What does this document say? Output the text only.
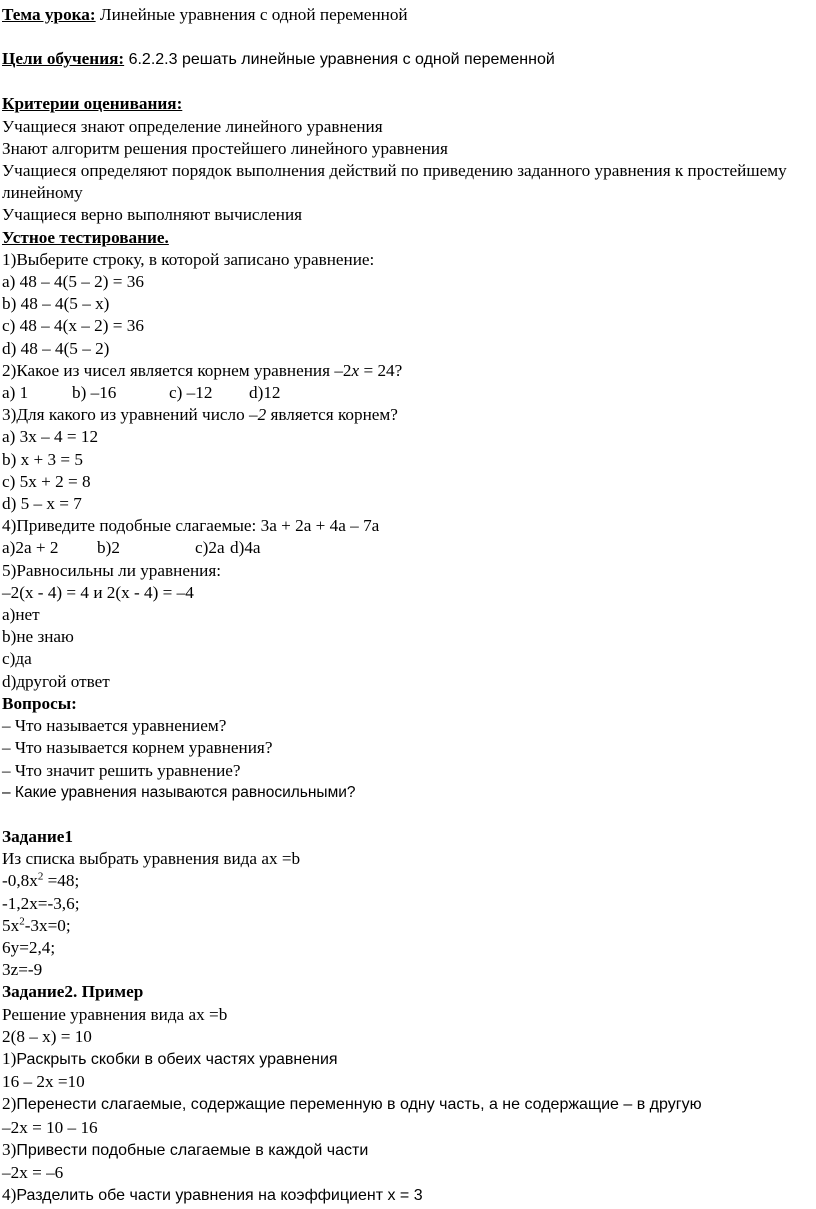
Тема урока: Линейные уравнения с одной переменной
Цели обучения: 6.2.2.3 решать линейные уравнения с одной переменной
Критерии оценивания:
Учащиеся знают определение линейного уравнения
Знают алгоритм решения простейшего линейного уравнения
Учащиеся определяют порядок выполнения действий по приведению заданного уравнения к простейшему линейному
Учащиеся верно выполняют вычисления
Устное тестирование.
1)Выберите строку, в которой записано уравнение:
a) 48 – 4(5 – 2) = 36
b) 48 – 4(5 – x)
c) 48 – 4(x – 2) = 36
d) 48 – 4(5 – 2)
2)Какое из чисел является корнем уравнения –2x = 24?
a) 1	b) –16	c) –12 d)12
3)Для какого из уравнений число –2 является корнем?
a) 3x – 4 = 12
b) x + 3 = 5
c) 5x + 2 = 8
d) 5 – x = 7
4)Приведите подобные слагаемые: 3a + 2a + 4a – 7a
a)2a + 2 b)2	c)2a d)4a
5)Равносильны ли уравнения:
–2(x - 4) = 4 и 2(x - 4) = –4
a)нет
b)не знаю
c)да
d)другой ответ
Вопросы:
– Что называется уравнением?
– Что называется корнем уравнения?
– Что значит решить уравнение?
– Какие уравнения называются равносильными?
Задание1
Из списка выбрать уравнения вида ax =b
$-0,8x^2 =48$;
-1,2x=-3,6;
$5x^2-3x=0$;
6y=2,4;
3z=-9
Задание2. Пример
Решение уравнения вида ax =b
2(8 – x) = 10
1)Раскрыть скобки в обеих частях уравнения
16 – 2x =10
2)Перенести слагаемые, содержащие переменную в одну часть, а не содержащие – в другую
–2x = 10 – 16
3)Привести подобные слагаемые в каждой части
–2x = –6
4)Разделить обе части уравнения на коэффициент x = 3
